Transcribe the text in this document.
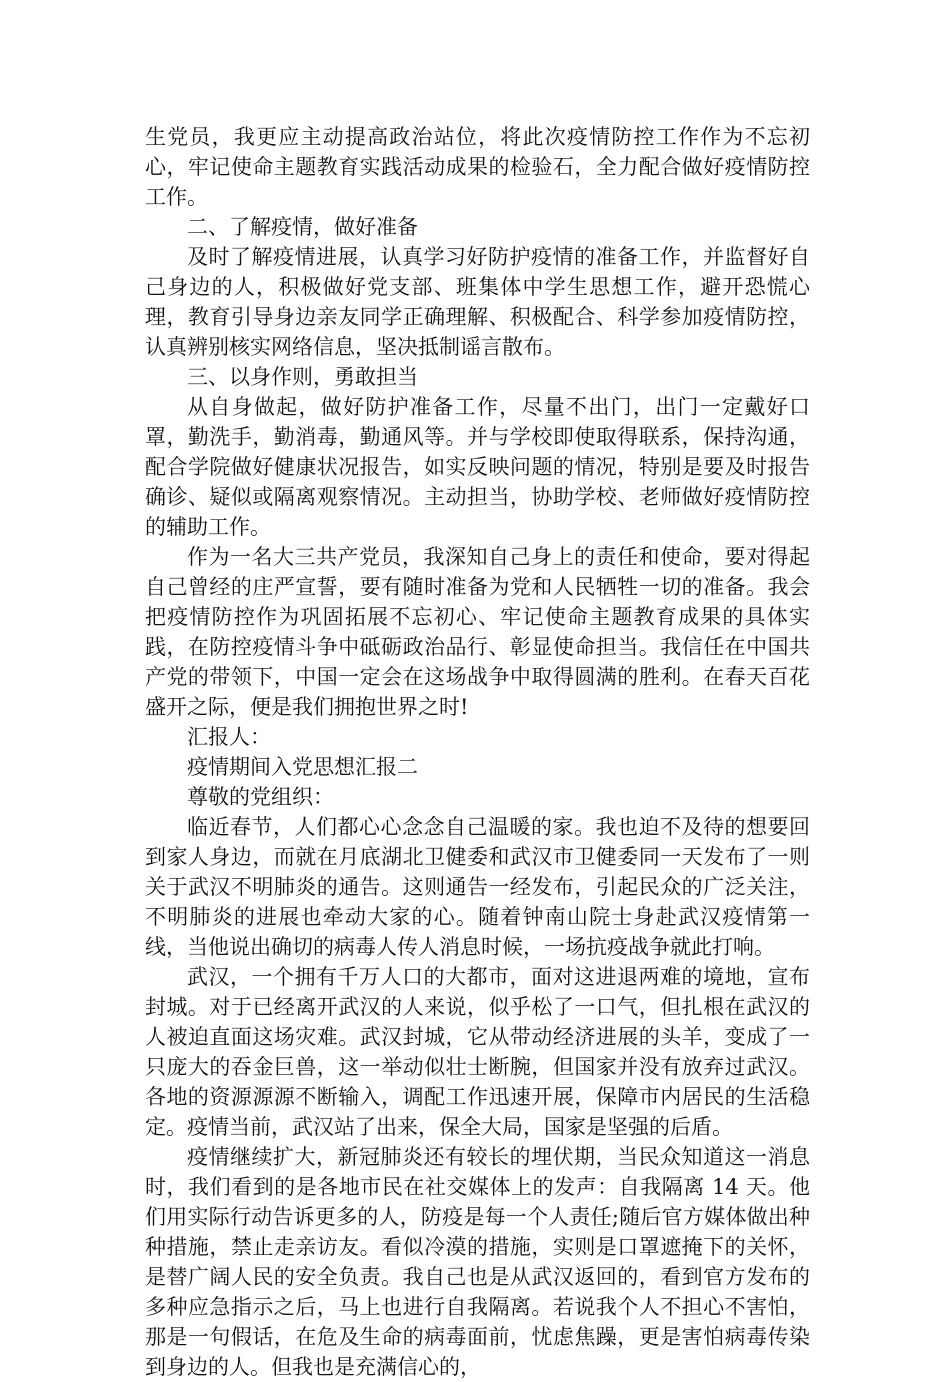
生党员，我更应主动提高政治站位，将此次疫情防控工作作为不忘初心，牢记使命主题教育实践活动成果的检验石，全力配合做好疫情防控工作。

二、了解疫情，做好准备

及时了解疫情进展，认真学习好防护疫情的准备工作，并监督好自己身边的人，积极做好党支部、班集体中学生思想工作，避开恐慌心理，教育引导身边亲友同学正确理解、积极配合、科学参加疫情防控，认真辨别核实网络信息，坚决抵制谣言散布。

三、以身作则，勇敢担当

从自身做起，做好防护准备工作，尽量不出门，出门一定戴好口罩，勤洗手，勤消毒，勤通风等。并与学校即使取得联系，保持沟通，配合学院做好健康状况报告，如实反映问题的情况，特别是要及时报告确诊、疑似或隔离观察情况。主动担当，协助学校、老师做好疫情防控的辅助工作。

作为一名大三共产党员，我深知自己身上的责任和使命，要对得起自己曾经的庄严宣誓，要有随时准备为党和人民牺牲一切的准备。我会把疫情防控作为巩固拓展不忘初心、牢记使命主题教育成果的具体实践，在防控疫情斗争中砥砺政治品行、彰显使命担当。我信任在中国共产党的带领下，中国一定会在这场战争中取得圆满的胜利。在春天百花盛开之际，便是我们拥抱世界之时!

汇报人：

疫情期间入党思想汇报二

尊敬的党组织：

临近春节，人们都心心念念自己温暖的家。我也迫不及待的想要回到家人身边，而就在月底湖北卫健委和武汉市卫健委同一天发布了一则关于武汉不明肺炎的通告。这则通告一经发布，引起民众的广泛关注，不明肺炎的进展也牵动大家的心。随着钟南山院士身赴武汉疫情第一线，当他说出确切的病毒人传人消息时候，一场抗疫战争就此打响。

武汉，一个拥有千万人口的大都市，面对这进退两难的境地，宣布封城。对于已经离开武汉的人来说，似乎松了一口气，但扎根在武汉的人被迫直面这场灾难。武汉封城，它从带动经济进展的头羊，变成了一只庞大的吞金巨兽，这一举动似壮士断腕，但国家并没有放弃过武汉。各地的资源源源不断输入，调配工作迅速开展，保障市内居民的生活稳定。疫情当前，武汉站了出来，保全大局，国家是坚强的后盾。

疫情继续扩大，新冠肺炎还有较长的埋伏期，当民众知道这一消息时，我们看到的是各地市民在社交媒体上的发声：自我隔离 14 天。他们用实际行动告诉更多的人，防疫是每一个人责任;随后官方媒体做出种种措施，禁止走亲访友。看似冷漠的措施，实则是口罩遮掩下的关怀，是替广阔人民的安全负责。我自己也是从武汉返回的，看到官方发布的多种应急指示之后，马上也进行自我隔离。若说我个人不担心不害怕，那是一句假话，在危及生命的病毒面前，忧虑焦躁，更是害怕病毒传染到身边的人。但我也是充满信心的，
